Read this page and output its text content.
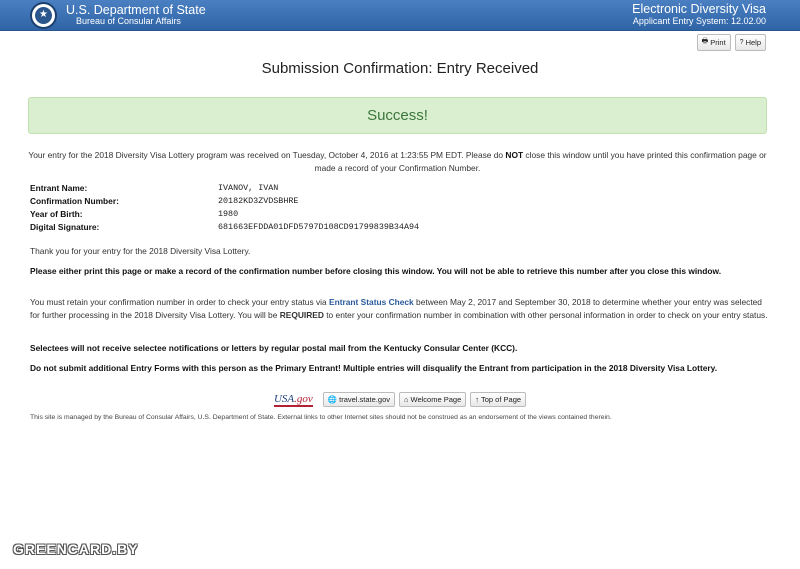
★	U.S. Department of State
Bureau of Consular Affairs
Electronic Diversity Visa
Applicant Entry System: 12.02.00
🖶 Print ? Help
Submission Confirmation: Entry Received
Success!
Your entry for the 2018 Diversity Visa Lottery program was received on Tuesday, October 4, 2016 at 1:23:55 PM EDT. Please do NOT close this window until you have printed this confirmation page or made a record of your Confirmation Number.
Entrant Name:	IVANOV, IVAN
Confirmation Number:	20182KD3ZVDSBHRE
Year of Birth:	1980
Digital Signature:	681663EFDDA01DFD5797D108CD91799839B34A94
Thank you for your entry for the 2018 Diversity Visa Lottery.
Please either print this page or make a record of the confirmation number before closing this window. You will not be able to retrieve this number after you close this window.
You must retain your confirmation number in order to check your entry status via Entrant Status Check between May 2, 2017 and September 30, 2018 to determine whether your entry was selected for further processing in the 2018 Diversity Visa Lottery. You will be REQUIRED to enter your confirmation number in combination with other personal information in order to check on your entry status.
Selectees will not receive selectee notifications or letters by regular postal mail from the Kentucky Consular Center (KCC).
Do not submit additional Entry Forms with this person as the Primary Entrant! Multiple entries will disqualify the Entrant from participation in the 2018 Diversity Visa Lottery.
USA.gov 🌐 travel.state.gov ⌂ Welcome Page ↑ Top of Page
This site is managed by the Bureau of Consular Affairs, U.S. Department of State. External links to other Internet sites should not be construed as an endorsement of the views contained therein.
GREENCARD.BY
